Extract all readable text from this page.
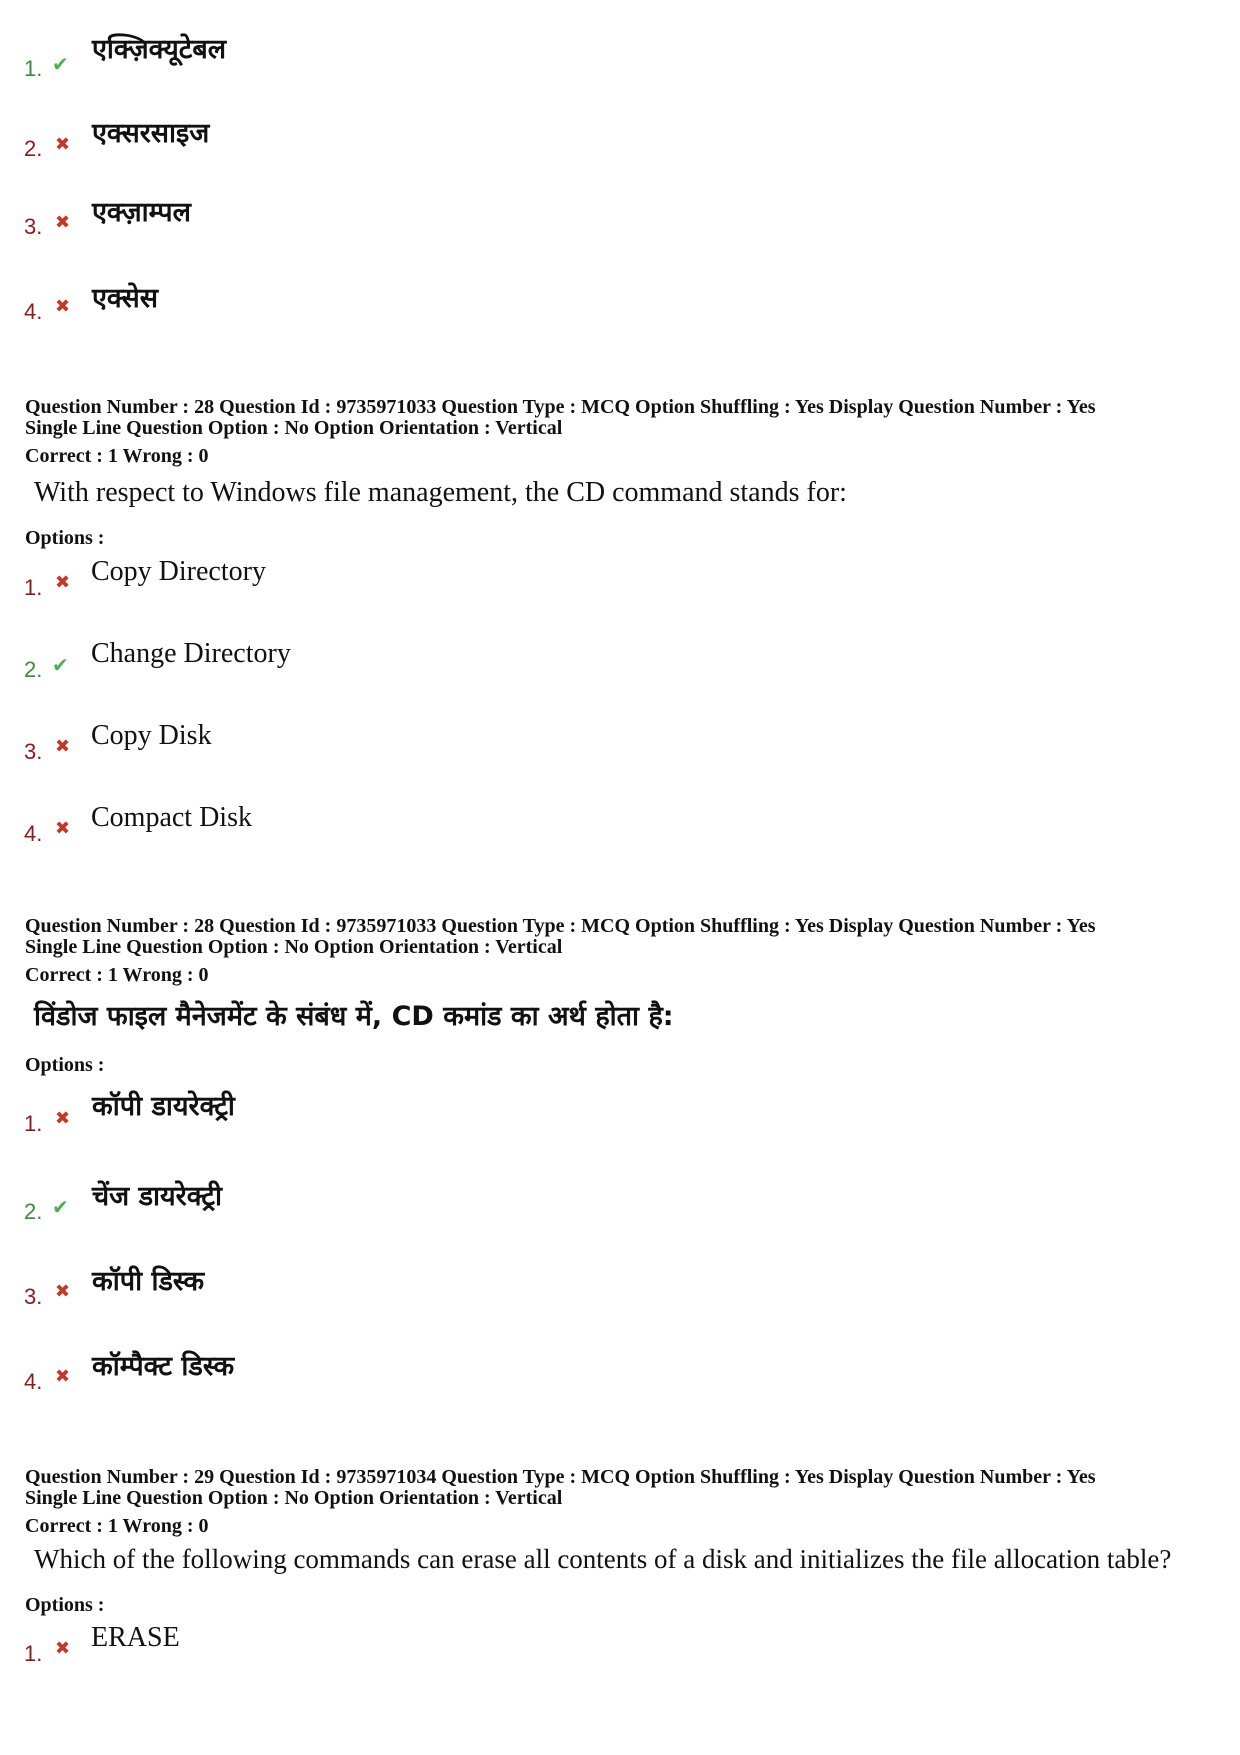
1. ✔ एक्ज़िक्यूटेबल
2. ✖ एक्सरसाइज
3. ✖ एक्ज़ाम्पल
4. ✖ एक्सेस
Question Number : 28 Question Id : 9735971033 Question Type : MCQ Option Shuffling : Yes Display Question Number : Yes
Single Line Question Option : No Option Orientation : Vertical
Correct : 1 Wrong : 0
With respect to Windows file management, the CD command stands for:
Options :
1. ✖ Copy Directory
2. ✔ Change Directory
3. ✖ Copy Disk
4. ✖ Compact Disk
Question Number : 28 Question Id : 9735971033 Question Type : MCQ Option Shuffling : Yes Display Question Number : Yes
Single Line Question Option : No Option Orientation : Vertical
Correct : 1 Wrong : 0
विंडोज फाइल मैनेजमेंट के संबंध में, CD कमांड का अर्थ होता है:
Options :
1. ✖ कॉपी डायरेक्ट्री
2. ✔ चेंज डायरेक्ट्री
3. ✖ कॉपी डिस्क
4. ✖ कॉम्पैक्ट डिस्क
Question Number : 29 Question Id : 9735971034 Question Type : MCQ Option Shuffling : Yes Display Question Number : Yes
Single Line Question Option : No Option Orientation : Vertical
Correct : 1 Wrong : 0
Which of the following commands can erase all contents of a disk and initializes the file allocation table?
Options :
1. ✖ ERASE
